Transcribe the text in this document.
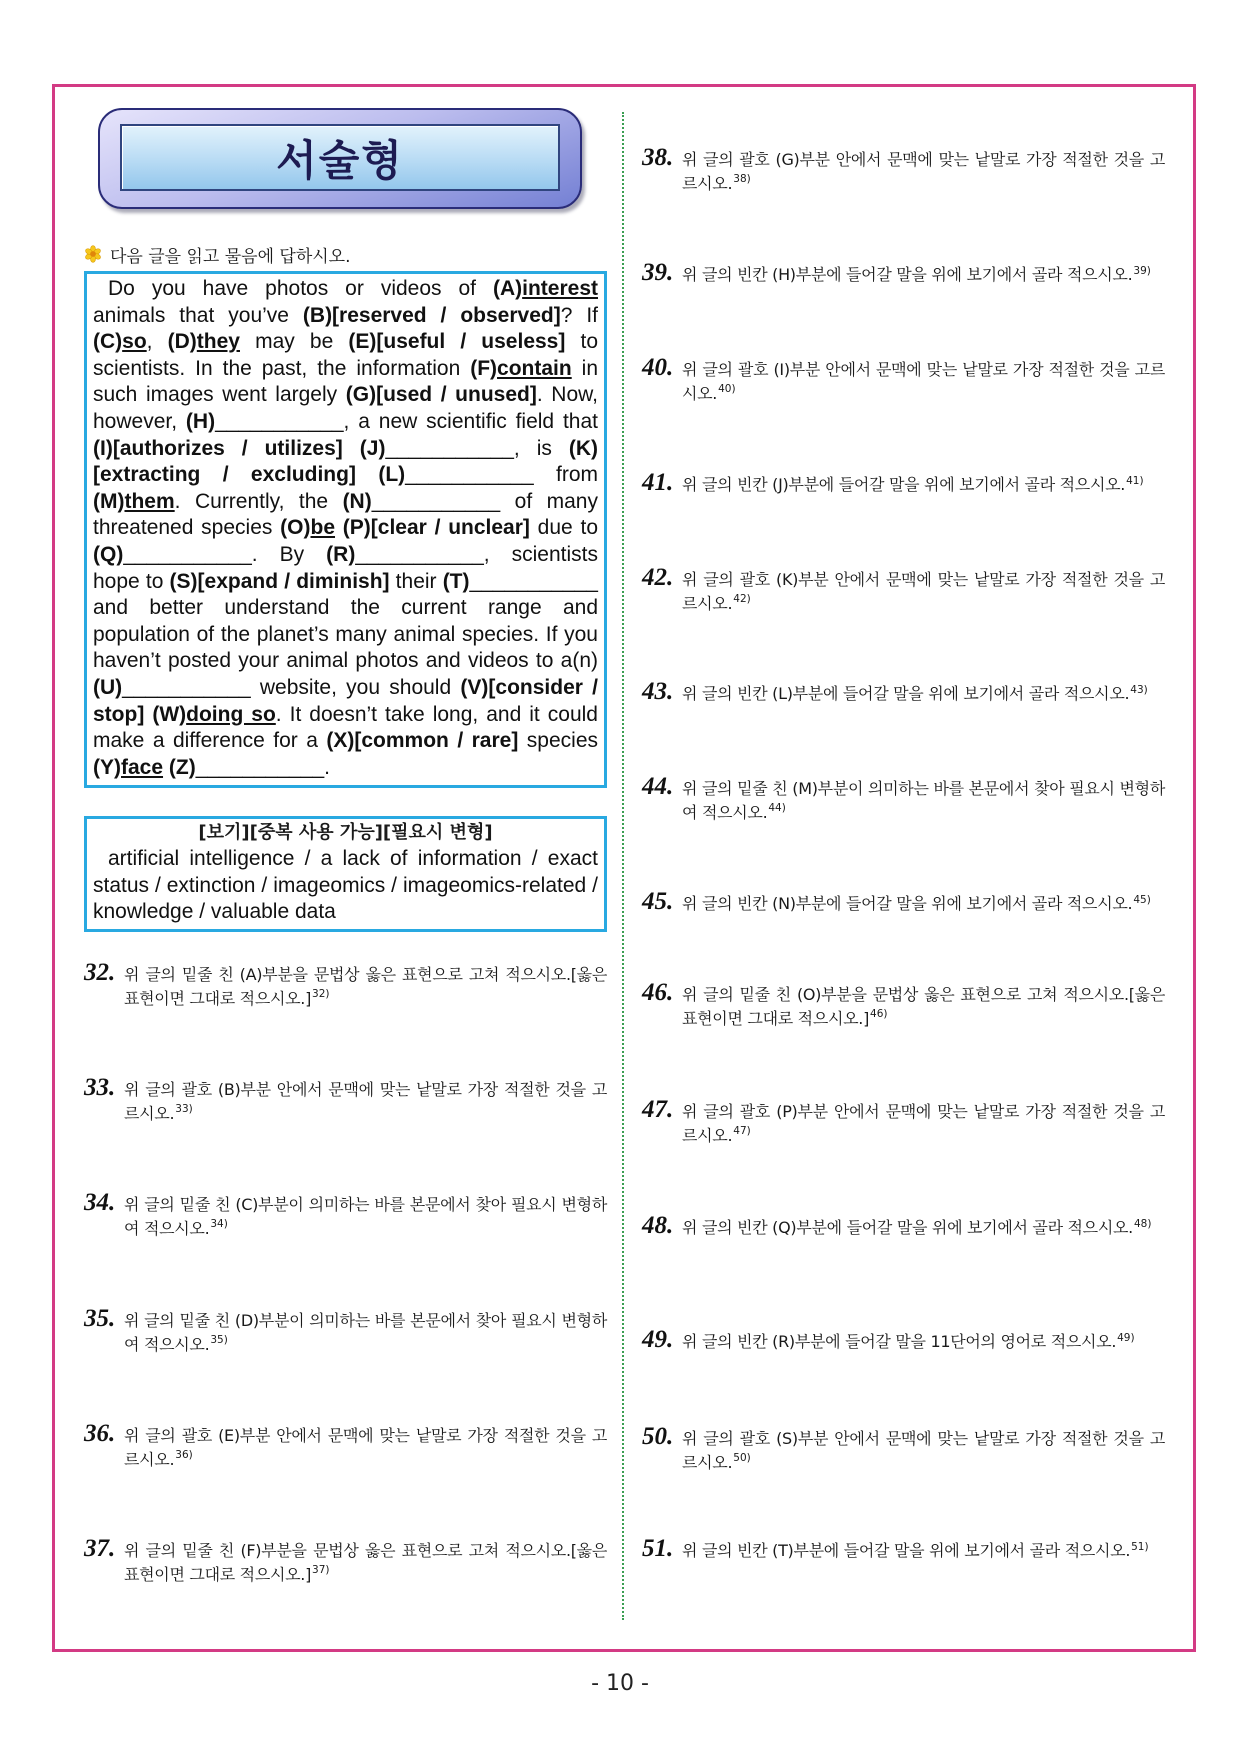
서술형
다음 글을 읽고 물음에 답하시오.

Do you have photos or videos of (A)interest animals that you’ve (B)[reserved / observed]? If (C)so, (D)they may be (E)[useful / useless] to scientists. In the past, the information (F)contain in such images went largely (G)[used / unused]. Now, however, (H)___________, a new scientific field that (I)[authorizes / utilizes] (J)___________, is (K)[extracting / excluding] (L)___________ from (M)them. Currently, the (N)___________ of many threatened species (O)be (P)[clear / unclear] due to (Q)___________. By (R)___________, scientists hope to (S)[expand / diminish] their (T)___________ and better understand the current range and population of the planet’s many animal species. If you haven’t posted your animal photos and videos to a(n) (U)___________ website, you should (V)[consider / stop] (W)doing so. It doesn’t take long, and it could make a difference for a (X)[common / rare] species (Y)face (Z)___________.

[보기][중복 사용 가능][필요시 변형]
artificial intelligence / a lack of information / exact status / extinction / imageomics / imageomics-related / knowledge / valuable data
32. 위 글의 밑줄 친 (A)부분을 문법상 옳은 표현으로 고쳐 적으시오.[옳은 표현이면 그대로 적으시오.]$^{32)}$
33. 위 글의 괄호 (B)부분 안에서 문맥에 맞는 낱말로 가장 적절한 것을 고르시오.$^{33)}$
34. 위 글의 밑줄 친 (C)부분이 의미하는 바를 본문에서 찾아 필요시 변형하여 적으시오.$^{34)}$
35. 위 글의 밑줄 친 (D)부분이 의미하는 바를 본문에서 찾아 필요시 변형하여 적으시오.$^{35)}$
36. 위 글의 괄호 (E)부분 안에서 문맥에 맞는 낱말로 가장 적절한 것을 고르시오.$^{36)}$
37. 위 글의 밑줄 친 (F)부분을 문법상 옳은 표현으로 고쳐 적으시오.[옳은 표현이면 그대로 적으시오.]$^{37)}$
38. 위 글의 괄호 (G)부분 안에서 문맥에 맞는 낱말로 가장 적절한 것을 고르시오.$^{38)}$
39. 위 글의 빈칸 (H)부분에 들어갈 말을 위에 보기에서 골라 적으시오.$^{39)}$
40. 위 글의 괄호 (I)부분 안에서 문맥에 맞는 낱말로 가장 적절한 것을 고르시오.$^{40)}$
41. 위 글의 빈칸 (J)부분에 들어갈 말을 위에 보기에서 골라 적으시오.$^{41)}$
42. 위 글의 괄호 (K)부분 안에서 문맥에 맞는 낱말로 가장 적절한 것을 고르시오.$^{42)}$
43. 위 글의 빈칸 (L)부분에 들어갈 말을 위에 보기에서 골라 적으시오.$^{43)}$
44. 위 글의 밑줄 친 (M)부분이 의미하는 바를 본문에서 찾아 필요시 변형하여 적으시오.$^{44)}$
45. 위 글의 빈칸 (N)부분에 들어갈 말을 위에 보기에서 골라 적으시오.$^{45)}$
46. 위 글의 밑줄 친 (O)부분을 문법상 옳은 표현으로 고쳐 적으시오.[옳은 표현이면 그대로 적으시오.]$^{46)}$
47. 위 글의 괄호 (P)부분 안에서 문맥에 맞는 낱말로 가장 적절한 것을 고르시오.$^{47)}$
48. 위 글의 빈칸 (Q)부분에 들어갈 말을 위에 보기에서 골라 적으시오.$^{48)}$
49. 위 글의 빈칸 (R)부분에 들어갈 말을 11단어의 영어로 적으시오.$^{49)}$
50. 위 글의 괄호 (S)부분 안에서 문맥에 맞는 낱말로 가장 적절한 것을 고르시오.$^{50)}$
51. 위 글의 빈칸 (T)부분에 들어갈 말을 위에 보기에서 골라 적으시오.$^{51)}$
- 10 -
